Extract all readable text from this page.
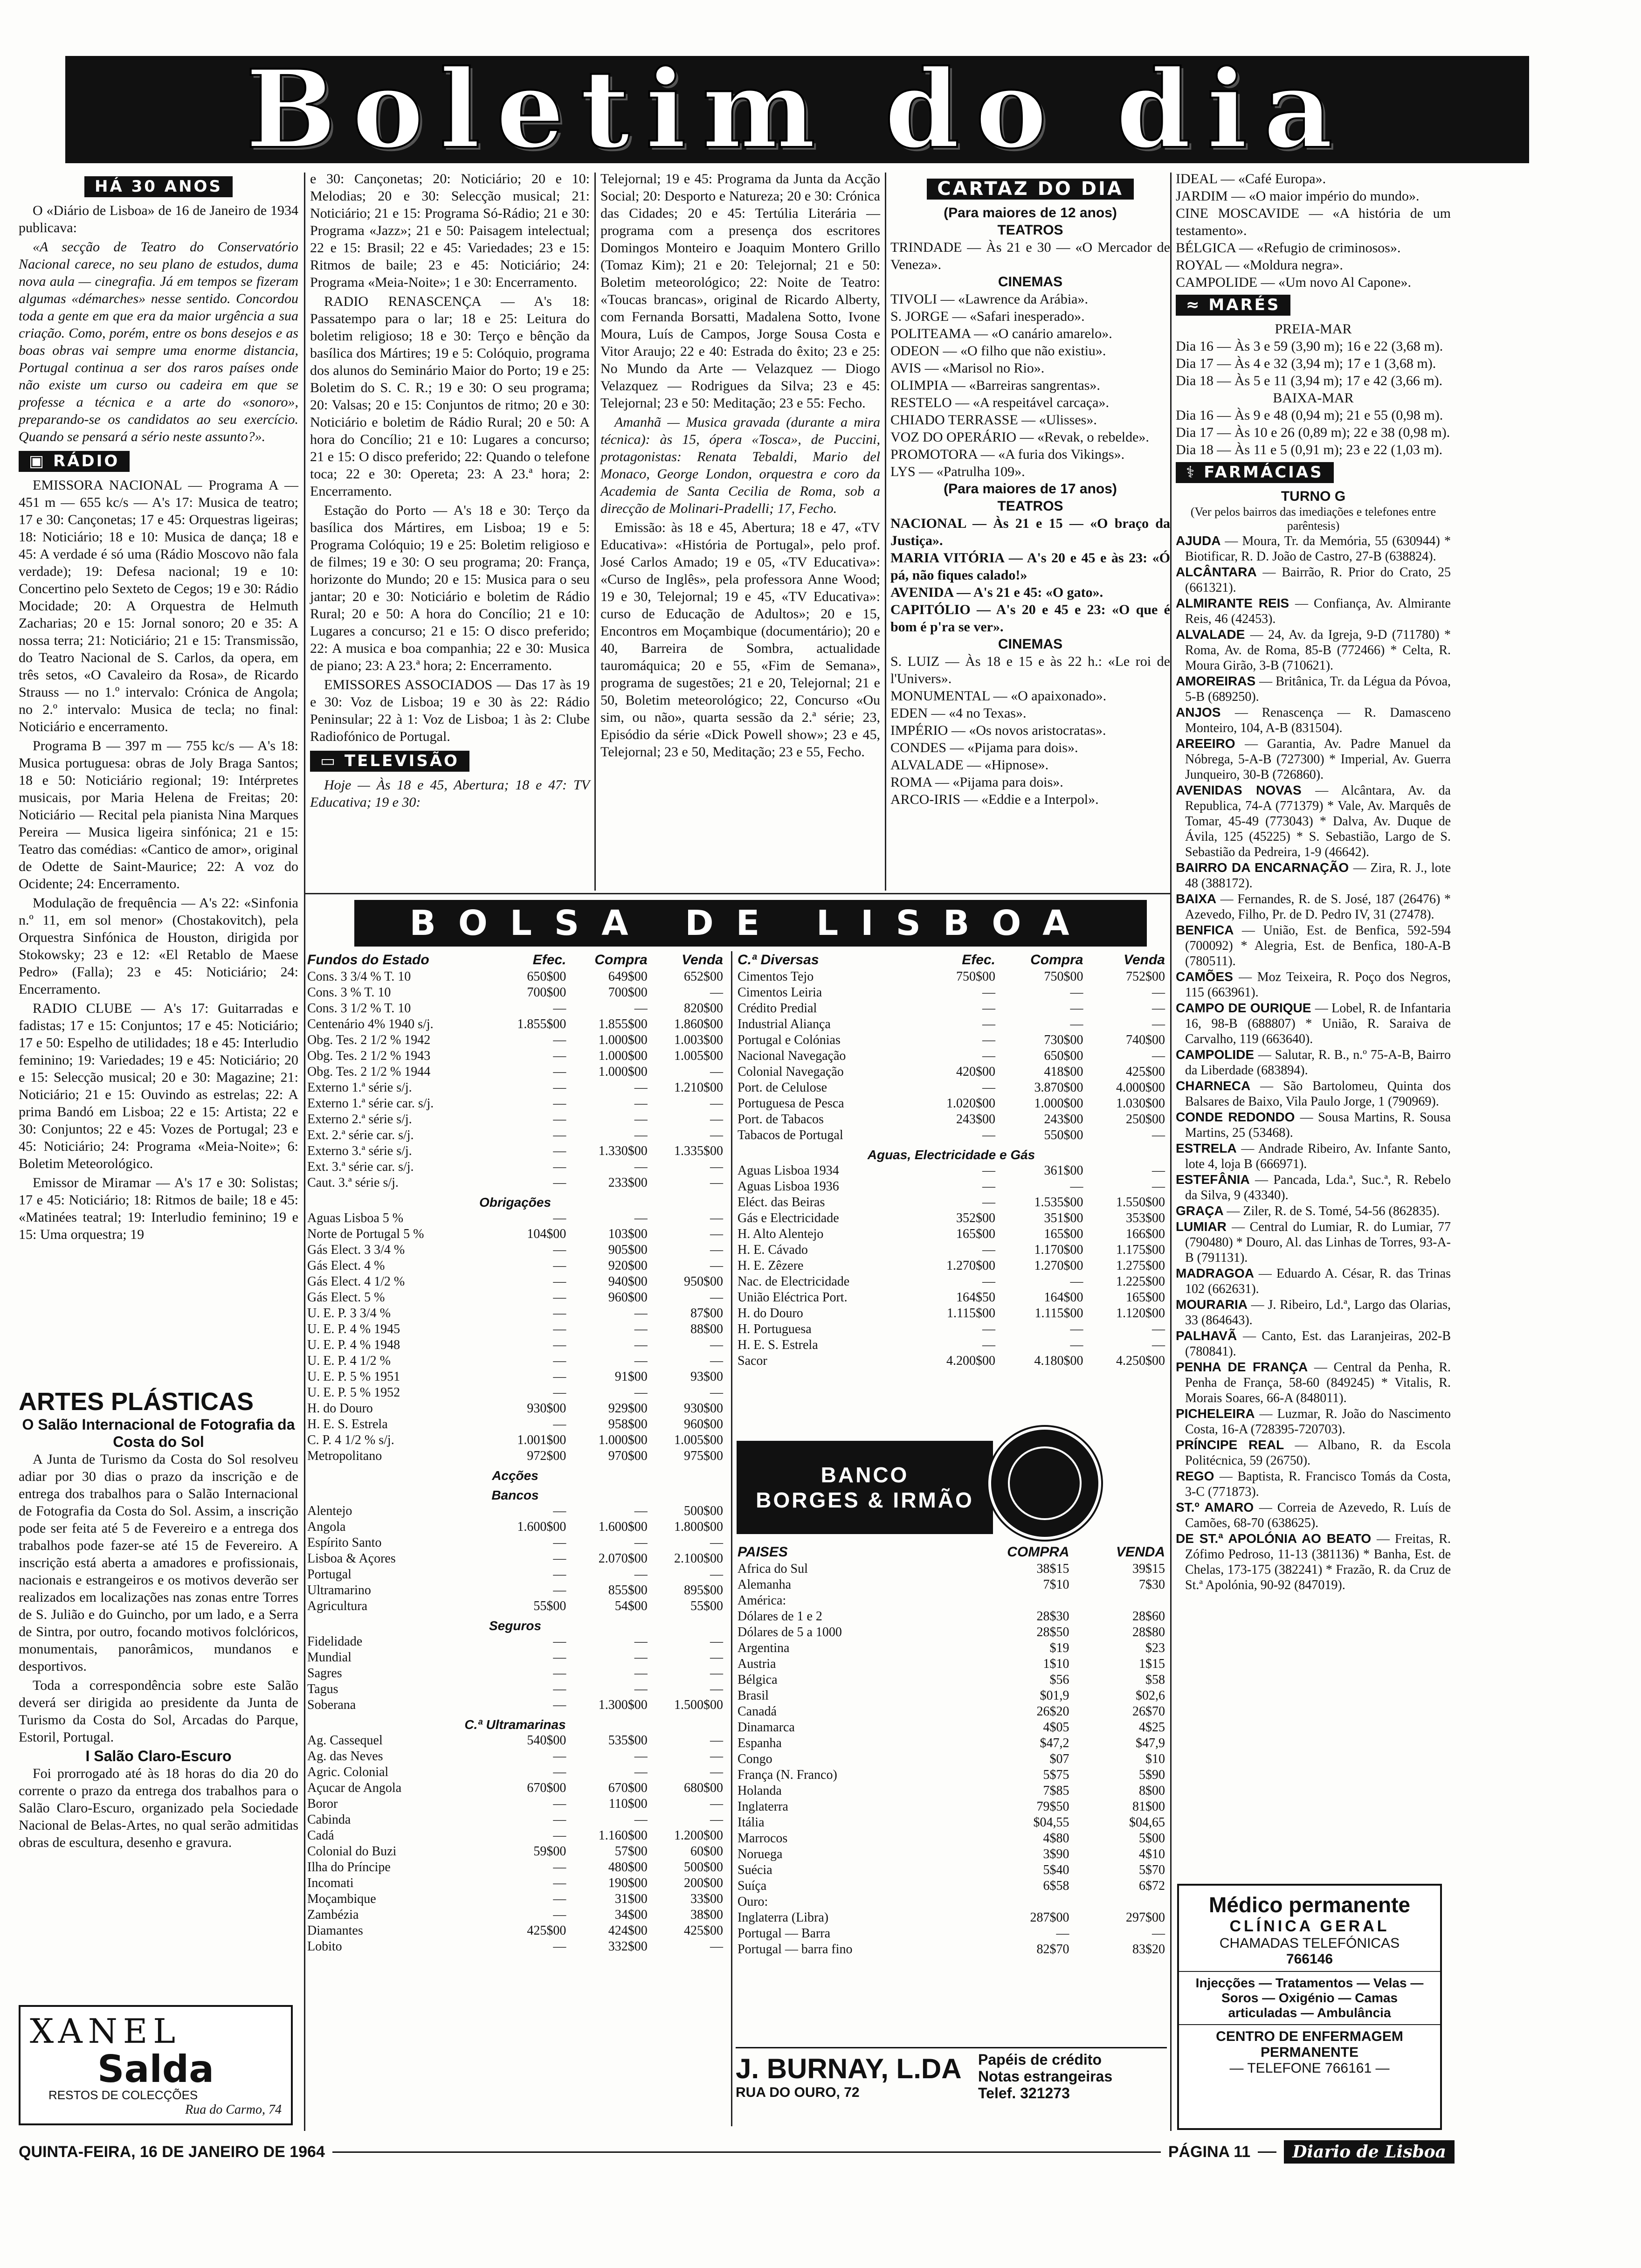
Boletim do dia
HÁ 30 ANOS

O «Diário de Lisboa» de 16 de Janeiro de 1934 publicava:

«A secção de Teatro do Conservatório Nacional carece, no seu plano de estudos, duma nova aula — cinegrafia. Já em tempos se fizeram algumas «démarches» nesse sentido. Concordou toda a gente em que era da maior urgência a sua criação. Como, porém, entre os bons desejos e as boas obras vai sempre uma enorme distancia, Portugal continua a ser dos raros países onde não existe um curso ou cadeira em que se professe a técnica e a arte do «sonoro», preparando-se os candidatos ao seu exercício. Quando se pensará a sério neste assunto?».

▣ RÁDIO

EMISSORA NACIONAL — Programa A — 451 m — 655 kc/s — A's 17: Musica de teatro; 17 e 30: Cançonetas; 17 e 45: Orquestras ligeiras; 18: Noticiário; 18 e 10: Musica de dança; 18 e 45: A verdade é só uma (Rádio Moscovo não fala verdade); 19: Defesa nacional; 19 e 10: Concertino pelo Sexteto de Cegos; 19 e 30: Rádio Mocidade; 20: A Orquestra de Helmuth Zacharias; 20 e 15: Jornal sonoro; 20 e 35: A nossa terra; 21: Noticiário; 21 e 15: Transmissão, do Teatro Nacional de S. Carlos, da opera, em três setos, «O Cavaleiro da Rosa», de Ricardo Strauss — no 1.º intervalo: Crónica de Angola; no 2.º intervalo: Musica de tecla; no final: Noticiário e encerramento.

Programa B — 397 m — 755 kc/s — A's 18: Musica portuguesa: obras de Joly Braga Santos; 18 e 50: Noticiário regional; 19: Intérpretes musicais, por Maria Helena de Freitas; 20: Noticiário — Recital pela pianista Nina Marques Pereira — Musica ligeira sinfónica; 21 e 15: Teatro das comédias: «Cantico de amor», original de Odette de Saint-Maurice; 22: A voz do Ocidente; 24: Encerramento.

Modulação de frequência — A's 22: «Sinfonia n.º 11, em sol menor» (Chostakovitch), pela Orquestra Sinfónica de Houston, dirigida por Stokowsky; 23 e 12: «El Retablo de Maese Pedro» (Falla); 23 e 45: Noticiário; 24: Encerramento.

RADIO CLUBE — A's 17: Guitarradas e fadistas; 17 e 15: Conjuntos; 17 e 45: Noticiário; 17 e 50: Espelho de utilidades; 18 e 45: Interludio feminino; 19: Variedades; 19 e 45: Noticiário; 20 e 15: Selecção musical; 20 e 30: Magazine; 21: Noticiário; 21 e 15: Ouvindo as estrelas; 22: A prima Bandó em Lisboa; 22 e 15: Artista; 22 e 30: Conjuntos; 22 e 45: Vozes de Portugal; 23 e 45: Noticiário; 24: Programa «Meia-Noite»; 6: Boletim Meteorológico.

Emissor de Miramar — A's 17 e 30: Solistas; 17 e 45: Noticiário; 18: Ritmos de baile; 18 e 45: «Matinées teatral; 19: Interludio feminino; 19 e 15: Uma orquestra; 19

ARTES PLÁSTICAS
O Salão Internacional de Fotografia da Costa do Sol

A Junta de Turismo da Costa do Sol resolveu adiar por 30 dias o prazo da inscrição e de entrega dos trabalhos para o Salão Internacional de Fotografia da Costa do Sol. Assim, a inscrição pode ser feita até 5 de Fevereiro e a entrega dos trabalhos pode fazer-se até 15 de Fevereiro. A inscrição está aberta a amadores e profissionais, nacionais e estrangeiros e os motivos deverão ser realizados em localizações nas zonas entre Torres de S. Julião e do Guincho, por um lado, e a Serra de Sintra, por outro, focando motivos folclóricos, monumentais, panorâmicos, mundanos e desportivos.

Toda a correspondência sobre este Salão deverá ser dirigida ao presidente da Junta de Turismo da Costa do Sol, Arcadas do Parque, Estoril, Portugal.

I Salão Claro-Escuro

Foi prorrogado até às 18 horas do dia 20 do corrente o prazo da entrega dos trabalhos para o Salão Claro-Escuro, organizado pela Sociedade Nacional de Belas-Artes, no qual serão admitidas obras de escultura, desenho e gravura.

XANEL
Salda
RESTOS DE COLECÇÕES
Rua do Carmo, 74

e 30: Cançonetas; 20: Noticiário; 20 e 10: Melodias; 20 e 30: Selecção musical; 21: Noticiário; 21 e 15: Programa Só-Rádio; 21 e 30: Programa «Jazz»; 21 e 50: Paisagem intelectual; 22 e 15: Brasil; 22 e 45: Variedades; 23 e 15: Ritmos de baile; 23 e 45: Noticiário; 24: Programa «Meia-Noite»; 1 e 30: Encerramento.

RADIO RENASCENÇA — A's 18: Passatempo para o lar; 18 e 25: Leitura do boletim religioso; 18 e 30: Terço e bênção da basílica dos Mártires; 19 e 5: Colóquio, programa dos alunos do Seminário Maior do Porto; 19 e 25: Boletim do S. C. R.; 19 e 30: O seu programa; 20: Valsas; 20 e 15: Conjuntos de ritmo; 20 e 30: Noticiário e boletim de Rádio Rural; 20 e 50: A hora do Concílio; 21 e 10: Lugares a concurso; 21 e 15: O disco preferido; 22: Quando o telefone toca; 22 e 30: Opereta; 23: A 23.ª hora; 2: Encerramento.

Estação do Porto — A's 18 e 30: Terço da basílica dos Mártires, em Lisboa; 19 e 5: Programa Colóquio; 19 e 25: Boletim religioso e de filmes; 19 e 30: O seu programa; 20: França, horizonte do Mundo; 20 e 15: Musica para o seu jantar; 20 e 30: Noticiário e boletim de Rádio Rural; 20 e 50: A hora do Concílio; 21 e 10: Lugares a concurso; 21 e 15: O disco preferido; 22: A musica e boa companhia; 22 e 30: Musica de piano; 23: A 23.ª hora; 2: Encerramento.

EMISSORES ASSOCIADOS — Das 17 às 19 e 30: Voz de Lisboa; 19 e 30 às 22: Rádio Peninsular; 22 à 1: Voz de Lisboa; 1 às 2: Clube Radiofónico de Portugal.

▭ TELEVISÃO

Hoje — Às 18 e 45, Abertura; 18 e 47: TV Educativa; 19 e 30:

Telejornal; 19 e 45: Programa da Junta da Acção Social; 20: Desporto e Natureza; 20 e 30: Crónica das Cidades; 20 e 45: Tertúlia Literária — programa com a presença dos escritores Domingos Monteiro e Joaquim Montero Grillo (Tomaz Kim); 21 e 20: Telejornal; 21 e 50: Boletim meteorológico; 22: Noite de Teatro: «Toucas brancas», original de Ricardo Alberty, com Fernanda Borsatti, Madalena Sotto, Ivone Moura, Luís de Campos, Jorge Sousa Costa e Vitor Araujo; 22 e 40: Estrada do êxito; 23 e 25: No Mundo da Arte — Velazquez — Diogo Velazquez — Rodrigues da Silva; 23 e 45: Telejornal; 23 e 50: Meditação; 23 e 55: Fecho.

Amanhã — Musica gravada (durante a mira técnica): às 15, ópera «Tosca», de Puccini, protagonistas: Renata Tebaldi, Mario del Monaco, George London, orquestra e coro da Academia de Santa Cecilia de Roma, sob a direcção de Molinari-Pradelli; 17, Fecho.

Emissão: às 18 e 45, Abertura; 18 e 47, «TV Educativa»: «História de Portugal», pelo prof. José Carlos Amado; 19 e 05, «TV Educativa»: «Curso de Inglês», pela professora Anne Wood; 19 e 30, Telejornal; 19 e 45, «TV Educativa»: curso de Educação de Adultos»; 20 e 15, Encontros em Moçambique (documentário); 20 e 40, Barreira de Sombra, actualidade tauromáquica; 20 e 55, «Fim de Semana», programa de sugestões; 21 e 20, Telejornal; 21 e 50, Boletim meteorológico; 22, Concurso «Ou sim, ou não», quarta sessão da 2.ª série; 23, Episódio da série «Dick Powell show»; 23 e 45, Telejornal; 23 e 50, Meditação; 23 e 55, Fecho.

CARTAZ DO DIA
(Para maiores de 12 anos)
TEATROS
TRINDADE — Às 21 e 30 — «O Mercador de Veneza».
CINEMAS
TIVOLI — «Lawrence da Arábia».
S. JORGE — «Safari inesperado».
POLITEAMA — «O canário amarelo».
ODEON — «O filho que não existiu».
AVIS — «Marisol no Rio».
OLIMPIA — «Barreiras sangrentas».
RESTELO — «A respeitável carcaça».
CHIADO TERRASSE — «Ulisses».
VOZ DO OPERÁRIO — «Revak, o rebelde».
PROMOTORA — «A furia dos Vikings».
LYS — «Patrulha 109».
(Para maiores de 17 anos)
TEATROS
NACIONAL — Às 21 e 15 — «O braço da Justiça».
MARIA VITÓRIA — A's 20 e 45 e às 23: «Ó pá, não fiques calado!»
AVENIDA — A's 21 e 45: «O gato».
CAPITÓLIO — A's 20 e 45 e 23: «O que é bom é p'ra se ver».
CINEMAS
S. LUIZ — Às 18 e 15 e às 22 h.: «Le roi de l'Univers».
MONUMENTAL — «O apaixonado».
EDEN — «4 no Texas».
IMPÉRIO — «Os novos aristocratas».
CONDES — «Pijama para dois».
ALVALADE — «Hipnose».
ROMA — «Pijama para dois».
ARCO-IRIS — «Eddie e a Interpol».
IDEAL — «Café Europa».
JARDIM — «O maior império do mundo».
CINE MOSCAVIDE — «A história de um testamento».
BÉLGICA — «Refugio de criminosos».
ROYAL — «Moldura negra».
CAMPOLIDE — «Um novo Al Capone».
≈ MARÉS
PREIA-MAR
Dia 16 — Às 3 e 59 (3,90 m); 16 e 22 (3,68 m).
Dia 17 — Às 4 e 32 (3,94 m); 17 e 1 (3,68 m).
Dia 18 — Às 5 e 11 (3,94 m); 17 e 42 (3,66 m).
BAIXA-MAR
Dia 16 — Às 9 e 48 (0,94 m); 21 e 55 (0,98 m).
Dia 17 — Às 10 e 26 (0,89 m); 22 e 38 (0,98 m).
Dia 18 — Às 11 e 5 (0,91 m); 23 e 22 (1,03 m).
⚕ FARMÁCIAS
TURNO G
(Ver pelos bairros das imediações e telefones entre parêntesis)
AJUDA — Moura, Tr. da Memória, 55 (630944) * Biotificar, R. D. João de Castro, 27-B (638824).
ALCÂNTARA — Bairrão, R. Prior do Crato, 25 (661321).
ALMIRANTE REIS — Confiança, Av. Almirante Reis, 46 (42453).
ALVALADE — 24, Av. da Igreja, 9-D (711780) * Roma, Av. de Roma, 85-B (772466) * Celta, R. Moura Girão, 3-B (710621).
AMOREIRAS — Britânica, Tr. da Légua da Póvoa, 5-B (689250).
ANJOS — Renascença — R. Damasceno Monteiro, 104, A-B (831504).
AREEIRO — Garantia, Av. Padre Manuel da Nóbrega, 5-A-B (727300) * Imperial, Av. Guerra Junqueiro, 30-B (726860).
AVENIDAS NOVAS — Alcântara, Av. da Republica, 74-A (771379) * Vale, Av. Marquês de Tomar, 45-49 (773043) * Dalva, Av. Duque de Ávila, 125 (45225) * S. Sebastião, Largo de S. Sebastião da Pedreira, 1-9 (46642).
BAIRRO DA ENCARNAÇÃO — Zira, R. J., lote 48 (388172).
BAIXA — Fernandes, R. de S. José, 187 (26476) * Azevedo, Filho, Pr. de D. Pedro IV, 31 (27478).
BENFICA — União, Est. de Benfica, 592-594 (700092) * Alegria, Est. de Benfica, 180-A-B (780511).
CAMÕES — Moz Teixeira, R. Poço dos Negros, 115 (663961).
CAMPO DE OURIQUE — Lobel, R. de Infantaria 16, 98-B (688807) * União, R. Saraiva de Carvalho, 119 (663640).
CAMPOLIDE — Salutar, R. B., n.º 75-A-B, Bairro da Liberdade (683894).
CHARNECA — São Bartolomeu, Quinta dos Balsares de Baixo, Vila Paulo Jorge, 1 (790969).
CONDE REDONDO — Sousa Martins, R. Sousa Martins, 25 (53468).
ESTRELA — Andrade Ribeiro, Av. Infante Santo, lote 4, loja B (666971).
ESTEFÂNIA — Pancada, Lda.ª, Suc.ª, R. Rebelo da Silva, 9 (43340).
GRAÇA — Ziler, R. de S. Tomé, 54-56 (862835).
LUMIAR — Central do Lumiar, R. do Lumiar, 77 (790480) * Douro, Al. das Linhas de Torres, 93-A-B (791131).
MADRAGOA — Eduardo A. César, R. das Trinas 102 (662631).
MOURARIA — J. Ribeiro, Ld.ª, Largo das Olarias, 33 (864643).
PALHAVÃ — Canto, Est. das Laranjeiras, 202-B (780841).
PENHA DE FRANÇA — Central da Penha, R. Penha de França, 58-60 (849245) * Vitalis, R. Morais Soares, 66-A (848011).
PICHELEIRA — Luzmar, R. João do Nascimento Costa, 16-A (728395-720703).
PRÍNCIPE REAL — Albano, R. da Escola Politécnica, 59 (26750).
REGO — Baptista, R. Francisco Tomás da Costa, 3-C (771873).
ST.º AMARO — Correia de Azevedo, R. Luís de Camões, 68-70 (638625).
DE ST.ª APOLÓNIA AO BEATO — Freitas, R. Zófimo Pedroso, 11-13 (381136) * Banha, Est. de Chelas, 173-175 (382241) * Frazão, R. da Cruz de St.ª Apolónia, 90-92 (847019).
Médico permanente
CLÍNICA GERAL
CHAMADAS TELEFÓNICAS
766146
Injecções — Tratamentos — Velas — Soros — Oxigénio — Camas articuladas — Ambulância
CENTRO DE ENFERMAGEM PERMANENTE
— TELEFONE 766161 —
BOLSA DE LISBOA
Fundos do Estado	Efec.	Compra	Venda
Cons. 3 3/4 % T. 10	650$00	649$00	652$00
Cons. 3 % T. 10	700$00	700$00	—
Cons. 3 1/2 % T. 10	—	—	820$00
Centenário 4% 1940 s/j.	1.855$00	1.855$00	1.860$00
Obg. Tes. 2 1/2 % 1942	—	1.000$00	1.003$00
Obg. Tes. 2 1/2 % 1943	—	1.000$00	1.005$00
Obg. Tes. 2 1/2 % 1944	—	1.000$00	—
Externo 1.ª série s/j.	—	—	1.210$00
Externo 1.ª série car. s/j.	—	—	—
Externo 2.ª série s/j.	—	—	—
Ext. 2.ª série car. s/j.	—	—	—
Externo 3.ª série s/j.	—	1.330$00	1.335$00
Ext. 3.ª série car. s/j.	—	—	—
Caut. 3.ª série s/j.	—	233$00	—
Obrigações			
Aguas Lisboa 5 %	—	—	—
Norte de Portugal 5 %	104$00	103$00	—
Gás Elect. 3 3/4 %	—	905$00	—
Gás Elect. 4 %	—	920$00	—
Gás Elect. 4 1/2 %	—	940$00	950$00
Gás Elect. 5 %	—	960$00	—
U. E. P. 3 3/4 %	—	—	87$00
U. E. P. 4 % 1945	—	—	88$00
U. E. P. 4 % 1948	—	—	—
U. E. P. 4 1/2 %	—	—	—
U. E. P. 5 % 1951	—	91$00	93$00
U. E. P. 5 % 1952	—	—	—
H. do Douro	930$00	929$00	930$00
H. E. S. Estrela	—	958$00	960$00
C. P. 4 1/2 % s/j.	1.001$00	1.000$00	1.005$00
Metropolitano	972$00	970$00	975$00
Acções			
Bancos			
Alentejo	—	—	500$00
Angola	1.600$00	1.600$00	1.800$00
Espírito Santo	—	—	—
Lisboa & Açores	—	2.070$00	2.100$00
Portugal	—	—	—
Ultramarino	—	855$00	895$00
Agricultura	55$00	54$00	55$00
Seguros			
Fidelidade	—	—	—
Mundial	—	—	—
Sagres	—	—	—
Tagus	—	—	—
Soberana	—	1.300$00	1.500$00
C.ª Ultramarinas			
Ag. Cassequel	540$00	535$00	—
Ag. das Neves	—	—	—
Agric. Colonial	—	—	—
Açucar de Angola	670$00	670$00	680$00
Boror	—	110$00	—
Cabinda	—	—	—
Cadá	—	1.160$00	1.200$00
Colonial do Buzi	59$00	57$00	60$00
Ilha do Príncipe	—	480$00	500$00
Incomati	—	190$00	200$00
Moçambique	—	31$00	33$00
Zambézia	—	34$00	38$00
Diamantes	425$00	424$00	425$00
Lobito	—	332$00	—
C.ª Diversas	Efec.	Compra	Venda
Cimentos Tejo	750$00	750$00	752$00
Cimentos Leiria	—	—	—
Crédito Predial	—	—	—
Industrial Aliança	—	—	—
Portugal e Colónias	—	730$00	740$00
Nacional Navegação	—	650$00	—
Colonial Navegação	420$00	418$00	425$00
Port. de Celulose	—	3.870$00	4.000$00
Portuguesa de Pesca	1.020$00	1.000$00	1.030$00
Port. de Tabacos	243$00	243$00	250$00
Tabacos de Portugal	—	550$00	—
Aguas, Electricidade e Gás			
Aguas Lisboa 1934	—	361$00	—
Aguas Lisboa 1936	—	—	—
Eléct. das Beiras	—	1.535$00	1.550$00
Gás e Electricidade	352$00	351$00	353$00
H. Alto Alentejo	165$00	165$00	166$00
H. E. Cávado	—	1.170$00	1.175$00
H. E. Zêzere	1.270$00	1.270$00	1.275$00
Nac. de Electricidade	—	—	1.225$00
União Eléctrica Port.	164$50	164$00	165$00
H. do Douro	1.115$00	1.115$00	1.120$00
H. Portuguesa	—	—	—
H. E. S. Estrela	—	—	—
Sacor	4.200$00	4.180$00	4.250$00
BANCO
BORGES & IRMÃO
PAISES	COMPRA	VENDA
Africa do Sul	38$15	39$15
Alemanha	7$10	7$30
América:		
Dólares de 1 e 2	28$30	28$60
Dólares de 5 a 1000	28$50	28$80
Argentina	$19	$23
Austria	1$10	1$15
Bélgica	$56	$58
Brasil	$01,9	$02,6
Canadá	26$20	26$70
Dinamarca	4$05	4$25
Espanha	$47,2	$47,9
Congo	$07	$10
França (N. Franco)	5$75	5$90
Holanda	7$85	8$00
Inglaterra	79$50	81$00
Itália	$04,55	$04,65
Marrocos	4$80	5$00
Noruega	3$90	4$10
Suécia	5$40	5$70
Suíça	6$58	6$72
Ouro:		
Inglaterra (Libra)	287$00	297$00
Portugal — Barra	—	—
Portugal — barra fino	82$70	83$20
J. BURNAY, L.DA
RUA DO OURO, 72
Papéis de crédito
Notas estrangeiras
Telef. 321273
QUINTA-FEIRA, 16 DE JANEIRO DE 1964	PÁGINA 11	Diario de Lisboa
